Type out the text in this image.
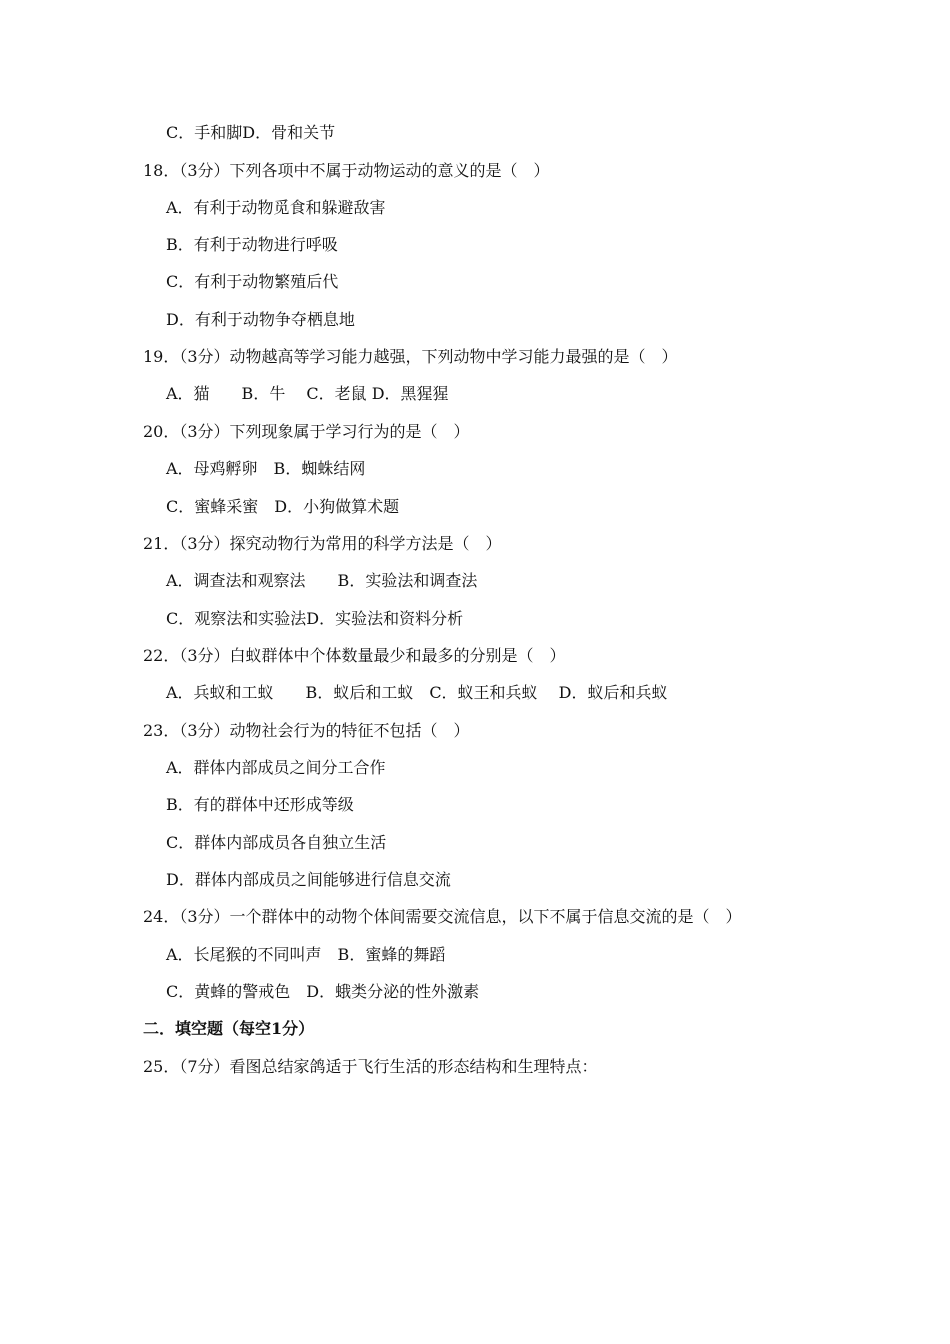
C．手和脚D．骨和关节
18．（3分）下列各项中不属于动物运动的意义的是（　）
A．有利于动物觅食和躲避敌害
B．有利于动物进行呼吸
C．有利于动物繁殖后代
D．有利于动物争夺栖息地
19．（3分）动物越高等学习能力越强，下列动物中学习能力最强的是（　）
A．猫　　B．牛　 C．老鼠 D．黑猩猩
20．（3分）下列现象属于学习行为的是（　）
A．母鸡孵卵　B．蜘蛛结网
C．蜜蜂采蜜　D．小狗做算术题
21．（3分）探究动物行为常用的科学方法是（　）
A．调查法和观察法　　B．实验法和调查法
C．观察法和实验法D．实验法和资料分析
22．（3分）白蚁群体中个体数量最少和最多的分别是（　）
A．兵蚁和工蚁　　B．蚁后和工蚁　C．蚁王和兵蚁　 D．蚁后和兵蚁
23．（3分）动物社会行为的特征不包括（　）
A．群体内部成员之间分工合作
B．有的群体中还形成等级
C．群体内部成员各自独立生活
D．群体内部成员之间能够进行信息交流
24．（3分）一个群体中的动物个体间需要交流信息，以下不属于信息交流的是（　）
A．长尾猴的不同叫声　B．蜜蜂的舞蹈
C．黄蜂的警戒色　D．蛾类分泌的性外激素
二．填空题（每空1分）
25．（7分）看图总结家鸽适于飞行生活的形态结构和生理特点：
